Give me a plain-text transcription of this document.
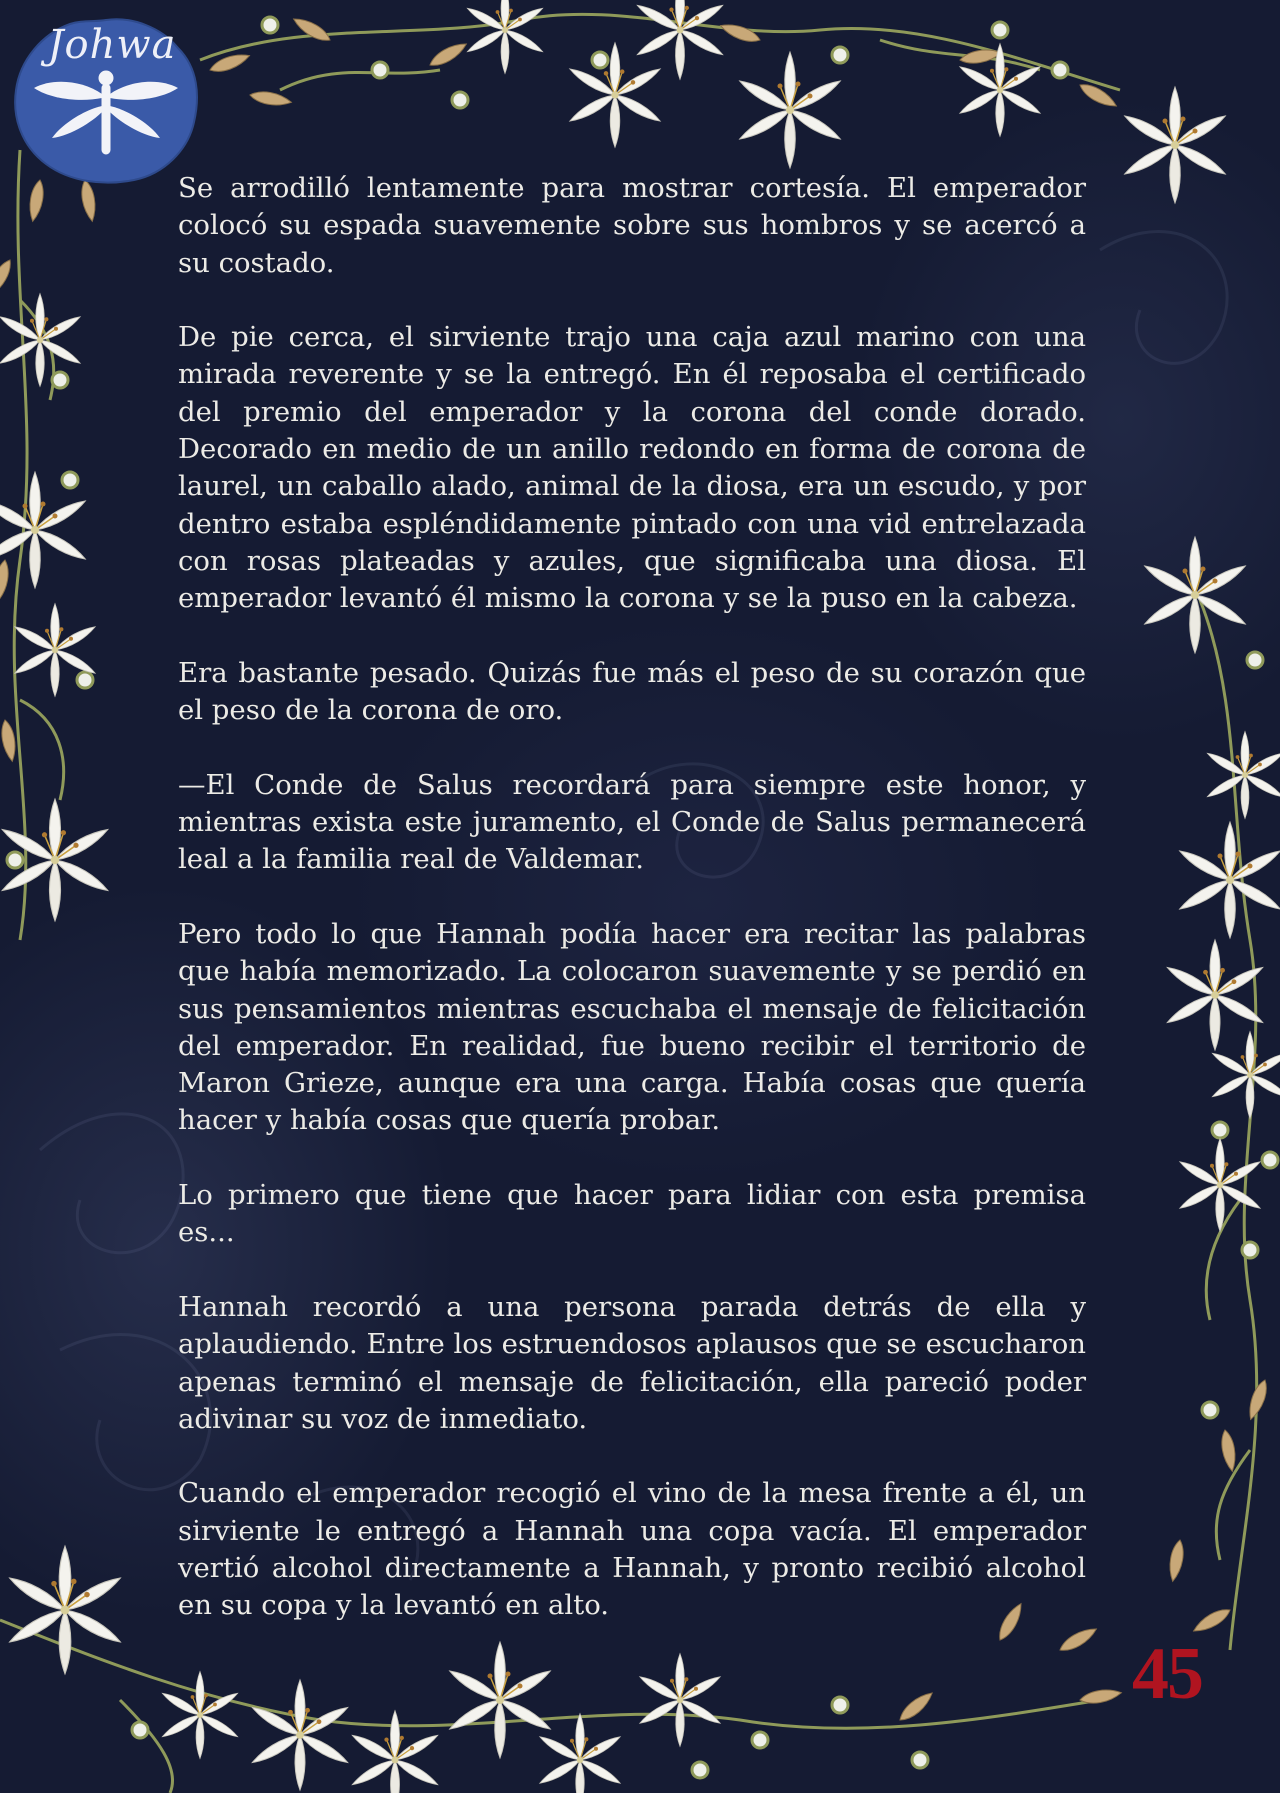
Johwa

Se arrodilló lentamente para mostrar cortesía. El emperador colocó su espada suavemente sobre sus hombros y se acercó a su costado.

De pie cerca, el sirviente trajo una caja azul marino con una mirada reverente y se la entregó. En él reposaba el certificado del premio del emperador y la corona del conde dorado. Decorado en medio de un anillo redondo en forma de corona de laurel, un caballo alado, animal de la diosa, era un escudo, y por dentro estaba espléndidamente pintado con una vid entrelazada con rosas plateadas y azules, que significaba una diosa. El emperador levantó él mismo la corona y se la puso en la cabeza.

Era bastante pesado. Quizás fue más el peso de su corazón que el peso de la corona de oro.

—El Conde de Salus recordará para siempre este honor, y mientras exista este juramento, el Conde de Salus permanecerá leal a la familia real de Valdemar.

Pero todo lo que Hannah podía hacer era recitar las palabras que había memorizado. La colocaron suavemente y se perdió en sus pensamientos mientras escuchaba el mensaje de felicitación del emperador. En realidad, fue bueno recibir el territorio de Maron Grieze, aunque era una carga. Había cosas que quería hacer y había cosas que quería probar.

Lo primero que tiene que hacer para lidiar con esta premisa es...

Hannah recordó a una persona parada detrás de ella y aplaudiendo. Entre los estruendosos aplausos que se escucharon apenas terminó el mensaje de felicitación, ella pareció poder adivinar su voz de inmediato.

Cuando el emperador recogió el vino de la mesa frente a él, un sirviente le entregó a Hannah una copa vacía. El emperador vertió alcohol directamente a Hannah, y pronto recibió alcohol en su copa y la levantó en alto.

45
